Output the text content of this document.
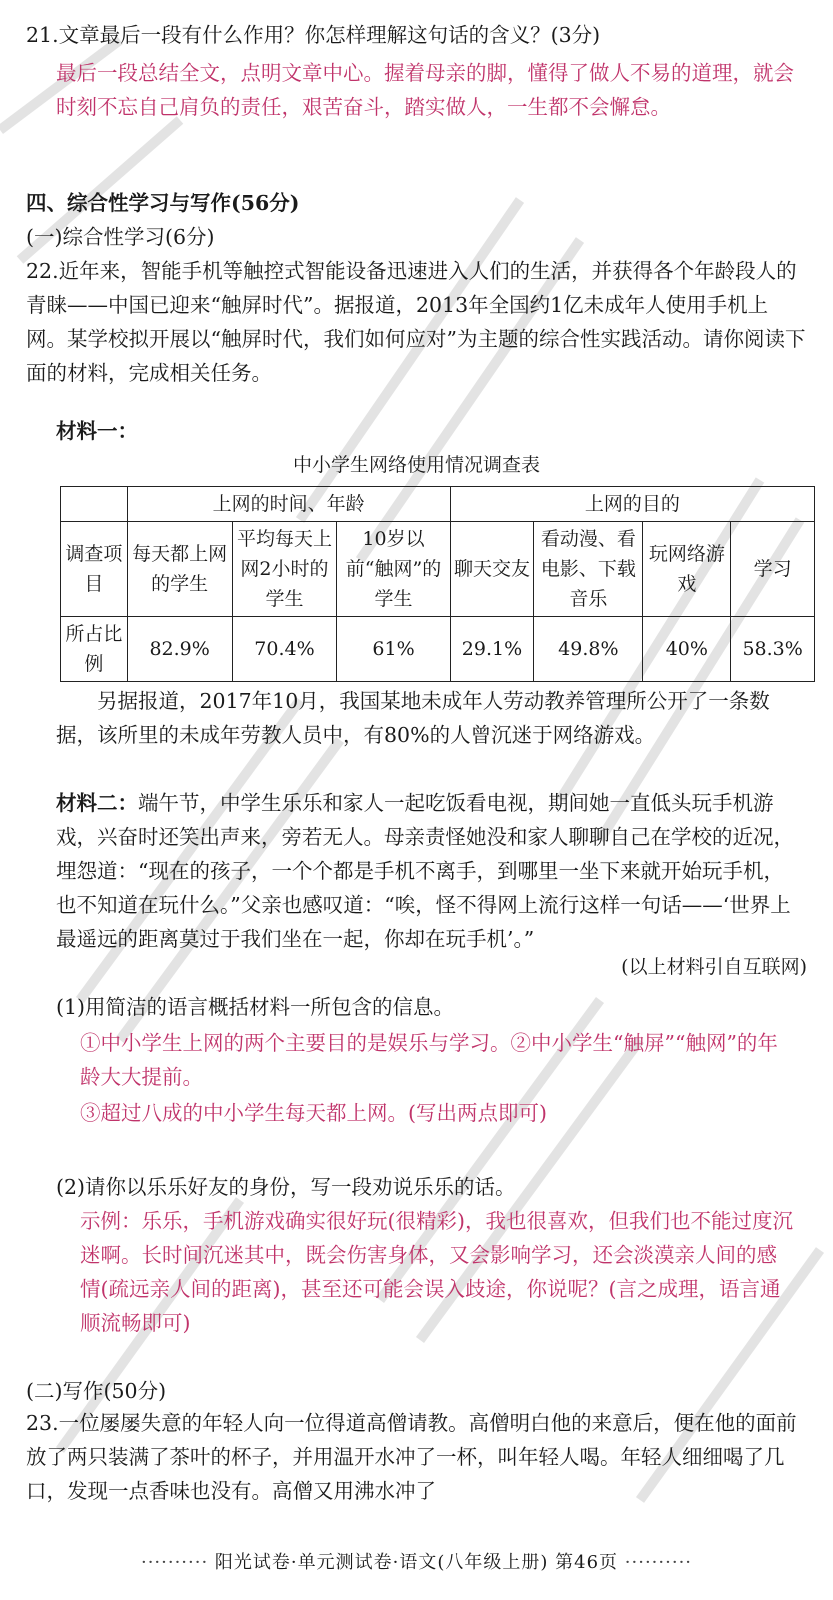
21.文章最后一段有什么作用？你怎样理解这句话的含义？(3分)
最后一段总结全文，点明文章中心。握着母亲的脚，懂得了做人不易的道理，就会时刻不忘自己肩负的责任，艰苦奋斗，踏实做人，一生都不会懈怠。
四、综合性学习与写作(56分)
(一)综合性学习(6分)
22.近年来，智能手机等触控式智能设备迅速进入人们的生活，并获得各个年龄段人的青睐——中国已迎来“触屏时代”。据报道，2013年全国约1亿未成年人使用手机上网。某学校拟开展以“触屏时代，我们如何应对”为主题的综合性实践活动。请你阅读下面的材料，完成相关任务。
材料一：
中小学生网络使用情况调查表
	上网的时间、年龄			上网的目的			
调查项目	每天都上网的学生	平均每天上网2小时的学生	10岁以前“触网”的学生	聊天交友	看动漫、看电影、下载音乐	玩网络游戏	学习
所占比例	82.9%	70.4%	61%	29.1%	49.8%	40%	58.3%
另据报道，2017年10月，我国某地未成年人劳动教养管理所公开了一条数据，该所里的未成年劳教人员中，有80%的人曾沉迷于网络游戏。
材料二：端午节，中学生乐乐和家人一起吃饭看电视，期间她一直低头玩手机游戏，兴奋时还笑出声来，旁若无人。母亲责怪她没和家人聊聊自己在学校的近况，埋怨道：“现在的孩子，一个个都是手机不离手，到哪里一坐下来就开始玩手机，也不知道在玩什么。”父亲也感叹道：“唉，怪不得网上流行这样一句话——‘世界上最遥远的距离莫过于我们坐在一起，你却在玩手机’。”
(以上材料引自互联网)
(1)用简洁的语言概括材料一所包含的信息。
①中小学生上网的两个主要目的是娱乐与学习。②中小学生“触屏”“触网”的年龄大大提前。
③超过八成的中小学生每天都上网。(写出两点即可)
(2)请你以乐乐好友的身份，写一段劝说乐乐的话。
示例：乐乐，手机游戏确实很好玩(很精彩)，我也很喜欢，但我们也不能过度沉迷啊。长时间沉迷其中，既会伤害身体，又会影响学习，还会淡漠亲人间的感情(疏远亲人间的距离)，甚至还可能会误入歧途，你说呢？(言之成理，语言通顺流畅即可)
(二)写作(50分)
23.一位屡屡失意的年轻人向一位得道高僧请教。高僧明白他的来意后，便在他的面前放了两只装满了茶叶的杯子，并用温开水冲了一杯，叫年轻人喝。年轻人细细喝了几口，发现一点香味也没有。高僧又用沸水冲了
·········· 阳光试卷·单元测试卷·语文(八年级上册) 第46页 ··········
